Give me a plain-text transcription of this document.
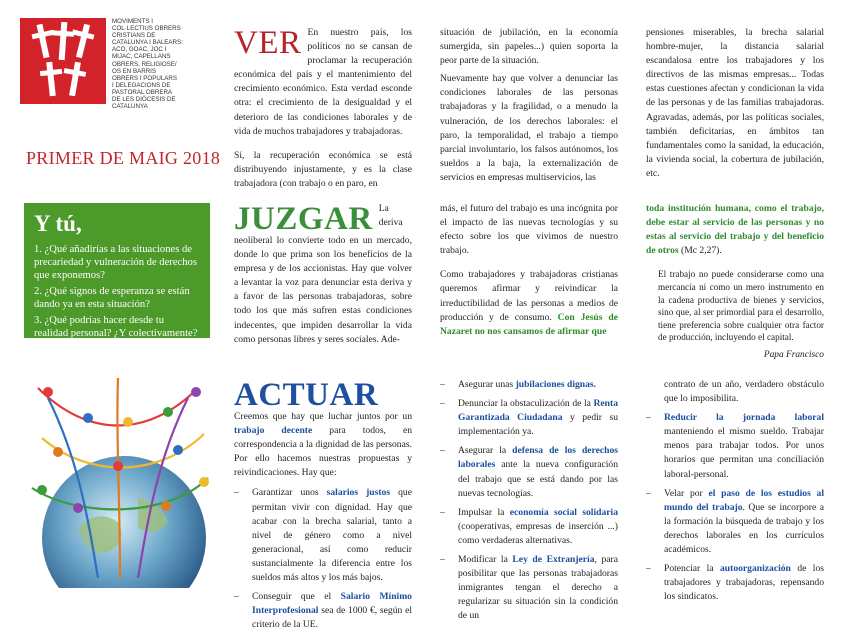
MOVIMENTS I
COL·LECTIUS OBRERS
CRISTIANS DE
CATALUNYA I BALEARS:
ACO, GOAC, JOC I
MIJAC, CAPELLANS
OBRERS, RELIGIOSE/
OS EN BARRIS
OBRERS I POPULARS
I DELEGACIONS DE
PASTORAL OBRERA
DE LES DIÒCESIS DE
CATALUNYA
PRIMER DE MAIG 2018

VER En nuestro país, los políticos no se cansan de proclamar la recuperación económica del país y el mantenimiento del crecimiento económico. Esta verdad esconde otra: el crecimiento de la desigualdad y el deterioro de las condiciones laborales y de vida de muchos trabajadores y trabajadoras.

Sí, la recuperación económica se está distribuyendo injustamente, y es la clase trabajadora (con trabajo o en paro, en

situación de jubilación, en la economía sumergida, sin papeles...) quien soporta la peor parte de la situación.

Nuevamente hay que volver a denunciar las condiciones laborales de las personas trabajadoras y la fragilidad, o a menudo la vulneración, de los derechos laborales: el paro, la temporalidad, el trabajo a tiempo parcial involuntario, los falsos autónomos, los sueldos a la baja, la externalización de servicios en empresas multiservicios, las

pensiones miserables, la brecha salarial hombre-mujer, la distancia salarial escandalosa entre los trabajadores y los directivos de las mismas empresas... Todas estas cuestiones afectan y condicionan la vida de las personas y de las familias trabajadoras. Agravadas, además, por las políticas sociales, también deficitarias, en ámbitos tan fundamentales como la sanidad, la educación, la vivienda social, la cobertura de jubilación, etc.

Y tú,

1. ¿Qué añadirías a las situaciones de precariedad y vulneración de derechos que exponemos?

2. ¿Qué signos de esperanza se están dando ya en esta situación?

3. ¿Qué podrías hacer desde tu realidad personal? ¿Y colectivamente?

JUZGAR La deriva neoliberal lo convierte todo en un mercado, donde lo que prima son los beneficios de la empresa y de los accionistas. Hay que volver a levantar la voz para denunciar esta deriva y a favor de las personas trabajadoras, sobre todo los que más sufren estas condiciones indecentes, que impiden desarrollar la vida como personas libres y seres sociales. Ade-

más, el futuro del trabajo es una incógnita por el impacto de las nuevas tecnologías y su efecto sobre los que vivimos de nuestro trabajo.

Como trabajadores y trabajadoras cristianas queremos afirmar y reivindicar la irreductibilidad de las personas a medios de producción y de consumo. Con Jesús de Nazaret no nos cansamos de afirmar que

toda institución humana, como el trabajo, debe estar al servicio de las personas y no estas al servicio del trabajo y del beneficio de otros (Mc 2,27).

El trabajo no puede considerarse como una mercancía ni como un mero instrumento en la cadena productiva de bienes y servicios, sino que, al ser primordial para el desarrollo, tiene preferencia sobre cualquier otra factor de producción, incluyendo el capital.

Papa Francisco

ACTUAR
Creemos que hay que luchar juntos por un trabajo decente para todos, en correspondencia a la dignidad de las personas. Por ello hacemos nuestras propuestas y reivindicaciones. Hay que:

– Garantizar unos salarios justos que permitan vivir con dignidad. Hay que acabar con la brecha salarial, tanto a nivel de género como a nivel generacional, así como reducir sustancialmente la diferencia entre los sueldos más altos y los más bajos.
– Conseguir que el Salario Mínimo Interprofesional sea de 1000 €, según el criterio de la UE.
– Asegurar unas jubilaciones dignas.
– Denunciar la obstaculización de la Renta Garantizada Ciudadana y pedir su implementación ya.
– Asegurar la defensa de los derechos laborales ante la nueva configuración del trabajo que se está dando por las nuevas tecnologías.
– Impulsar la economía social solidaria (cooperativas, empresas de inserción ...) como verdaderas alternativas.
– Modificar la Ley de Extranjería, para posibilitar que las personas trabajadoras inmigrantes tengan el derecho a regularizar su situación sin la condición de un

contrato de un año, verdadero obstáculo que lo imposibilita.

– Reducir la jornada laboral manteniendo el mismo sueldo. Trabajar menos para trabajar todos. Por unos horarios que permitan una conciliación laboral-personal.
– Velar por el paso de los estudios al mundo del trabajo. Que se incorpore a la formación la búsqueda de trabajo y los derechos laborales en los currículos académicos.
– Potenciar la autoorganización de los trabajadores y trabajadoras, repensando los sindicatos.
